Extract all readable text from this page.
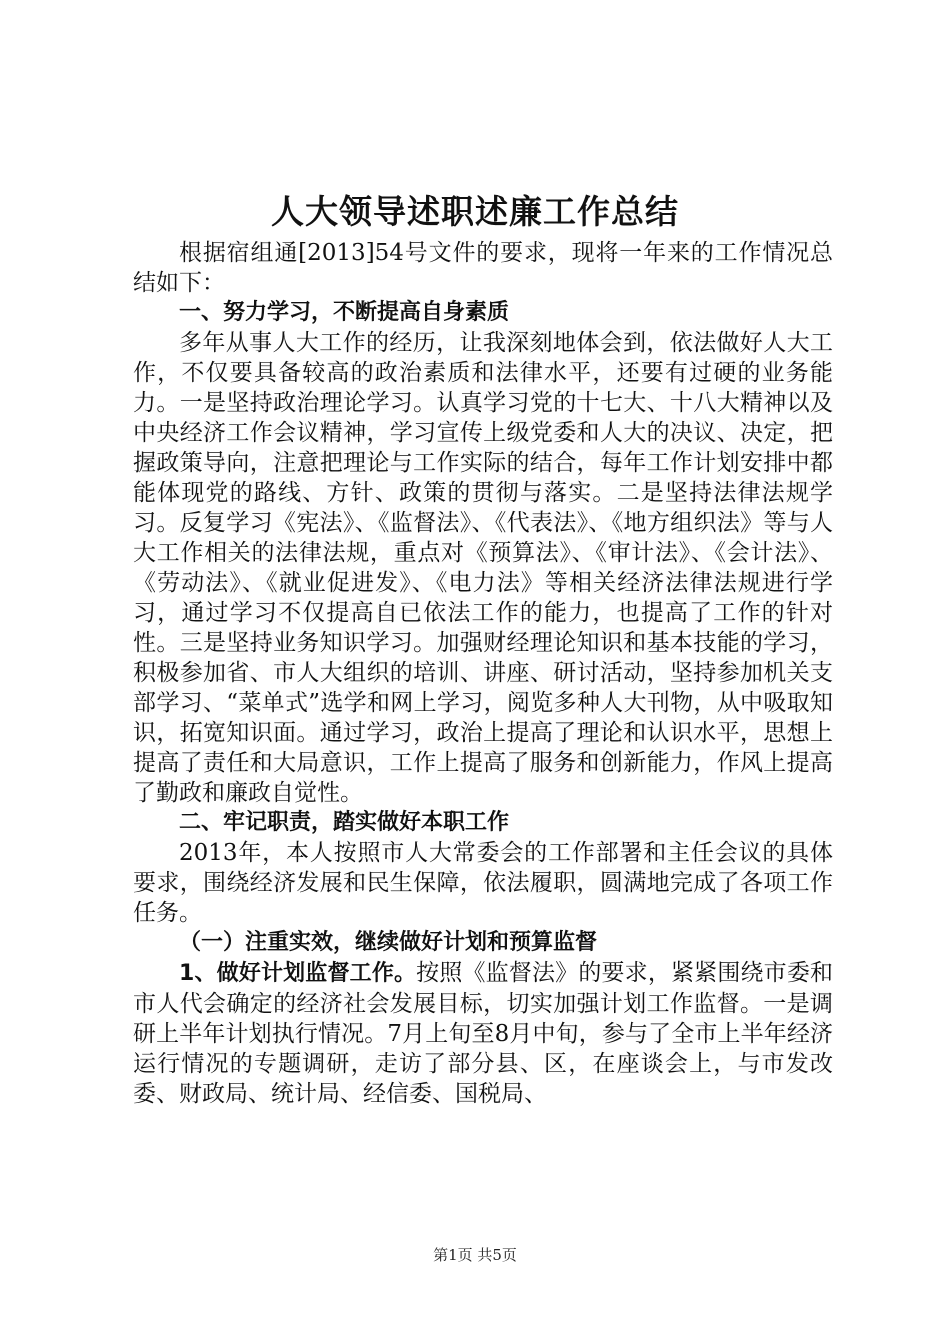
人大领导述职述廉工作总结

根据宿组通[2013]54号文件的要求，现将一年来的工作情况总结如下：

一、努力学习，不断提高自身素质

多年从事人大工作的经历，让我深刻地体会到，依法做好人大工作，不仅要具备较高的政治素质和法律水平，还要有过硬的业务能力。一是坚持政治理论学习。认真学习党的十七大、十八大精神以及中央经济工作会议精神，学习宣传上级党委和人大的决议、决定，把握政策导向，注意把理论与工作实际的结合，每年工作计划安排中都能体现党的路线、方针、政策的贯彻与落实。二是坚持法律法规学习。反复学习《宪法》、《监督法》、《代表法》、《地方组织法》等与人大工作相关的法律法规，重点对《预算法》、《审计法》、《会计法》、《劳动法》、《就业促进发》、《电力法》等相关经济法律法规进行学习，通过学习不仅提高自已依法工作的能力，也提高了工作的针对性。三是坚持业务知识学习。加强财经理论知识和基本技能的学习，积极参加省、市人大组织的培训、讲座、研讨活动，坚持参加机关支部学习、“菜单式”选学和网上学习，阅览多种人大刊物，从中吸取知识，拓宽知识面。通过学习，政治上提高了理论和认识水平，思想上提高了责任和大局意识，工作上提高了服务和创新能力，作风上提高了勤政和廉政自觉性。

二、牢记职责，踏实做好本职工作

2013年，本人按照市人大常委会的工作部署和主任会议的具体要求，围绕经济发展和民生保障，依法履职，圆满地完成了各项工作任务。

（一）注重实效，继续做好计划和预算监督

1、做好计划监督工作。按照《监督法》的要求，紧紧围绕市委和市人代会确定的经济社会发展目标，切实加强计划工作监督。一是调研上半年计划执行情况。7月上旬至8月中旬，参与了全市上半年经济运行情况的专题调研，走访了部分县、区，在座谈会上，与市发改委、财政局、统计局、经信委、国税局、

第1页 共5页
